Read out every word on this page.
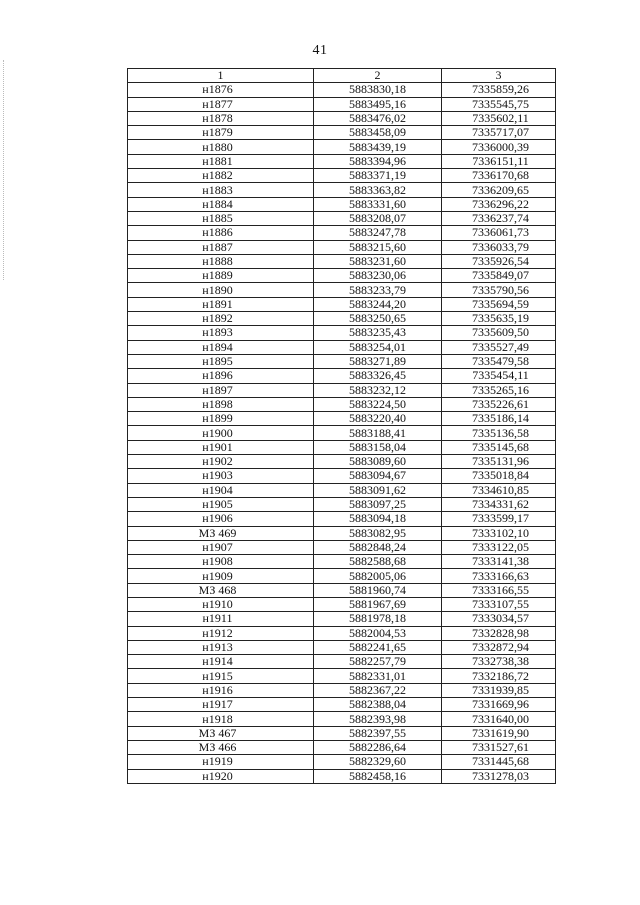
41
1	2	3
н1876	5883830,18	7335859,26
н1877	5883495,16	7335545,75
н1878	5883476,02	7335602,11
н1879	5883458,09	7335717,07
н1880	5883439,19	7336000,39
н1881	5883394,96	7336151,11
н1882	5883371,19	7336170,68
н1883	5883363,82	7336209,65
н1884	5883331,60	7336296,22
н1885	5883208,07	7336237,74
н1886	5883247,78	7336061,73
н1887	5883215,60	7336033,79
н1888	5883231,60	7335926,54
н1889	5883230,06	7335849,07
н1890	5883233,79	7335790,56
н1891	5883244,20	7335694,59
н1892	5883250,65	7335635,19
н1893	5883235,43	7335609,50
н1894	5883254,01	7335527,49
н1895	5883271,89	7335479,58
н1896	5883326,45	7335454,11
н1897	5883232,12	7335265,16
н1898	5883224,50	7335226,61
н1899	5883220,40	7335186,14
н1900	5883188,41	7335136,58
н1901	5883158,04	7335145,68
н1902	5883089,60	7335131,96
н1903	5883094,67	7335018,84
н1904	5883091,62	7334610,85
н1905	5883097,25	7334331,62
н1906	5883094,18	7333599,17
МЗ 469	5883082,95	7333102,10
н1907	5882848,24	7333122,05
н1908	5882588,68	7333141,38
н1909	5882005,06	7333166,63
МЗ 468	5881960,74	7333166,55
н1910	5881967,69	7333107,55
н1911	5881978,18	7333034,57
н1912	5882004,53	7332828,98
н1913	5882241,65	7332872,94
н1914	5882257,79	7332738,38
н1915	5882331,01	7332186,72
н1916	5882367,22	7331939,85
н1917	5882388,04	7331669,96
н1918	5882393,98	7331640,00
МЗ 467	5882397,55	7331619,90
МЗ 466	5882286,64	7331527,61
н1919	5882329,60	7331445,68
н1920	5882458,16	7331278,03
